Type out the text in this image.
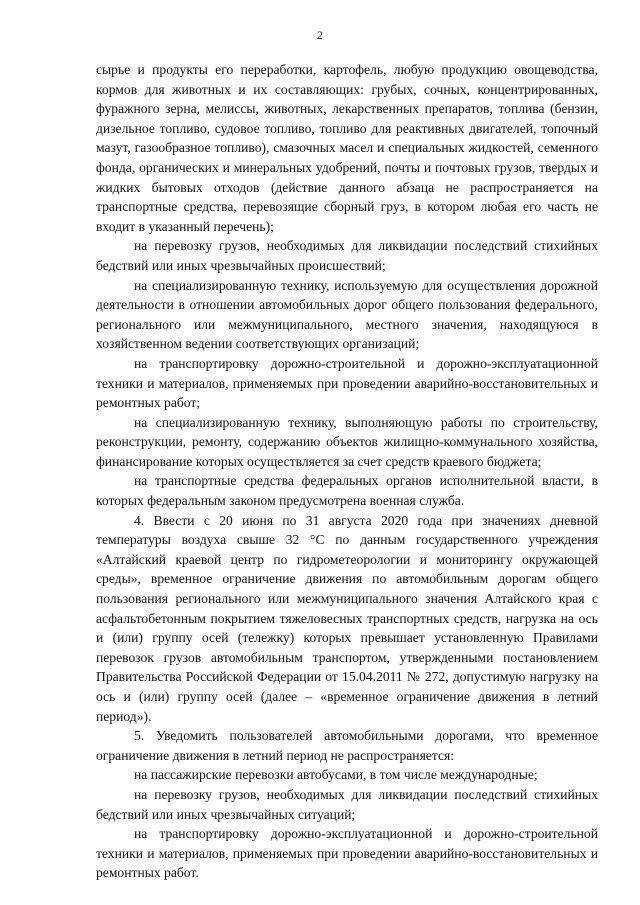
2

сырье и продукты его переработки, картофель, любую продукцию овощеводства, кормов для животных и их составляющих: грубых, сочных, концентрированных, фуражного зерна, мелиссы, животных, лекарственных препаратов, топлива (бензин, дизельное топливо, судовое топливо, топливо для реактивных двигателей, топочный мазут, газообразное топливо), смазочных масел и специальных жидкостей, семенного фонда, органических и минеральных удобрений, почты и почтовых грузов, твердых и жидких бытовых отходов (действие данного абзаца не распространяется на транспортные средства, перевозящие сборный груз, в котором любая его часть не входит в указанный перечень);

на перевозку грузов, необходимых для ликвидации последствий стихийных бедствий или иных чрезвычайных происшествий;

на специализированную технику, используемую для осуществления дорожной деятельности в отношении автомобильных дорог общего пользования федерального, регионального или межмуниципального, местного значения, находящуюся в хозяйственном ведении соответствующих организаций;

на транспортировку дорожно-строительной и дорожно-эксплуатационной техники и материалов, применяемых при проведении аварийно-восстановительных и ремонтных работ;

на специализированную технику, выполняющую работы по строительству, реконструкции, ремонту, содержанию объектов жилищно-коммунального хозяйства, финансирование которых осуществляется за счет средств краевого бюджета;

на транспортные средства федеральных органов исполнительной власти, в которых федеральным законом предусмотрена военная служба.

4. Ввести с 20 июня по 31 августа 2020 года при значениях дневной температуры воздуха свыше 32 °С по данным государственного учреждения «Алтайский краевой центр по гидрометеорологии и мониторингу окружающей среды», временное ограничение движения по автомобильным дорогам общего пользования регионального или межмуниципального значения Алтайского края с асфальтобетонным покрытием тяжеловесных транспортных средств, нагрузка на ось и (или) группу осей (тележку) которых превышает установленную Правилами перевозок грузов автомобильным транспортом, утвержденными постановлением Правительства Российской Федерации от 15.04.2011 № 272, допустимую нагрузку на ось и (или) группу осей (далее – «временное ограничение движения в летний период»).

5. Уведомить пользователей автомобильными дорогами, что временное ограничение движения в летний период не распространяется:

на пассажирские перевозки автобусами, в том числе международные;

на перевозку грузов, необходимых для ликвидации последствий стихийных бедствий или иных чрезвычайных ситуаций;

на транспортировку дорожно-эксплуатационной и дорожно-строительной техники и материалов, применяемых при проведении аварийно-восстановительных и ремонтных работ.
